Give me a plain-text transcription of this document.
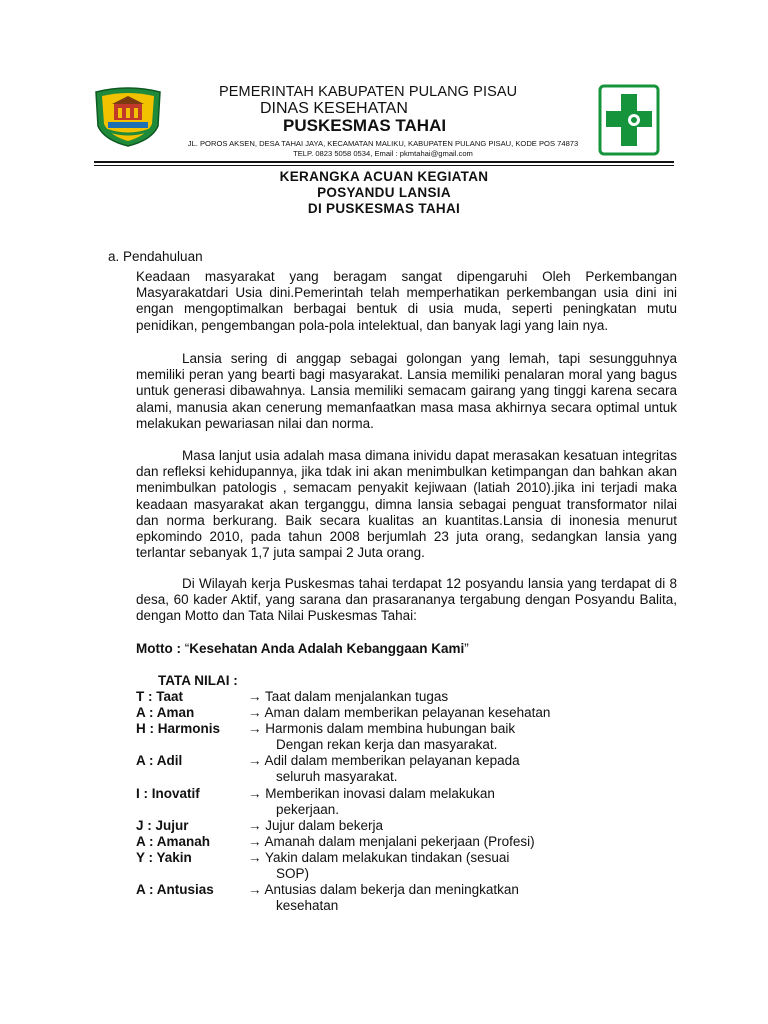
PEMERINTAH KABUPATEN PULANG PISAU
DINAS KESEHATAN
PUSKESMAS TAHAI
JL. POROS AKSEN, DESA TAHAI JAYA, KECAMATAN MALIKU, KABUPATEN PULANG PISAU, KODE POS 74873
TELP. 0823 5058 0534, Email : pkmtahai@gmail.com
KERANGKA ACUAN KEGIATAN
POSYANDU LANSIA
DI PUSKESMAS TAHAI
a. Pendahuluan
Keadaan masyarakat yang beragam sangat dipengaruhi Oleh Perkembangan Masyarakatdari Usia dini.Pemerintah telah memperhatikan perkembangan usia dini ini engan mengoptimalkan berbagai bentuk di usia muda, seperti peningkatan mutu penidikan, pengembangan pola-pola intelektual, dan banyak lagi yang lain nya.
Lansia sering di anggap sebagai golongan yang lemah, tapi sesungguhnya memiliki peran yang bearti bagi masyarakat. Lansia memiliki penalaran moral yang bagus untuk generasi dibawahnya. Lansia memiliki semacam gairang yang tinggi karena secara alami, manusia akan cenerung memanfaatkan masa masa akhirnya secara optimal untuk melakukan pewariasan nilai dan norma.
Masa lanjut usia adalah masa dimana inividu dapat merasakan kesatuan integritas dan refleksi kehidupannya, jika tdak ini akan menimbulkan ketimpangan dan bahkan akan menimbulkan patologis , semacam penyakit kejiwaan (latiah 2010).jika ini terjadi maka keadaan masyarakat akan terganggu, dimna lansia sebagai penguat transformator nilai dan norma berkurang. Baik secara kualitas an kuantitas.Lansia di inonesia menurut epkomindo 2010, pada tahun 2008 berjumlah 23 juta orang, sedangkan lansia yang terlantar sebanyak 1,7 juta sampai 2 Juta orang.
Di Wilayah kerja Puskesmas tahai terdapat 12 posyandu lansia yang terdapat di 8 desa, 60 kader Aktif, yang sarana dan prasarananya tergabung dengan Posyandu Balita, dengan Motto dan Tata Nilai Puskesmas Tahai:
Motto : “Kesehatan Anda Adalah Kebanggaan Kami”
TATA NILAI :
T : Taat	→ Taat dalam menjalankan tugas
A : Aman	→ Aman dalam memberikan pelayanan kesehatan
H : Harmonis → Harmonis dalam membina hubungan baik
Dengan rekan kerja dan masyarakat.
A : Adil	→ Adil dalam memberikan pelayanan kepada
seluruh masyarakat.
I : Inovatif	→ Memberikan inovasi dalam melakukan
pekerjaan.
J : Jujur	→ Jujur dalam bekerja
A : Amanah	→ Amanah dalam menjalani pekerjaan (Profesi)
Y : Yakin	→ Yakin dalam melakukan tindakan (sesuai
SOP)
A : Antusias	→ Antusias dalam bekerja dan meningkatkan
kesehatan
